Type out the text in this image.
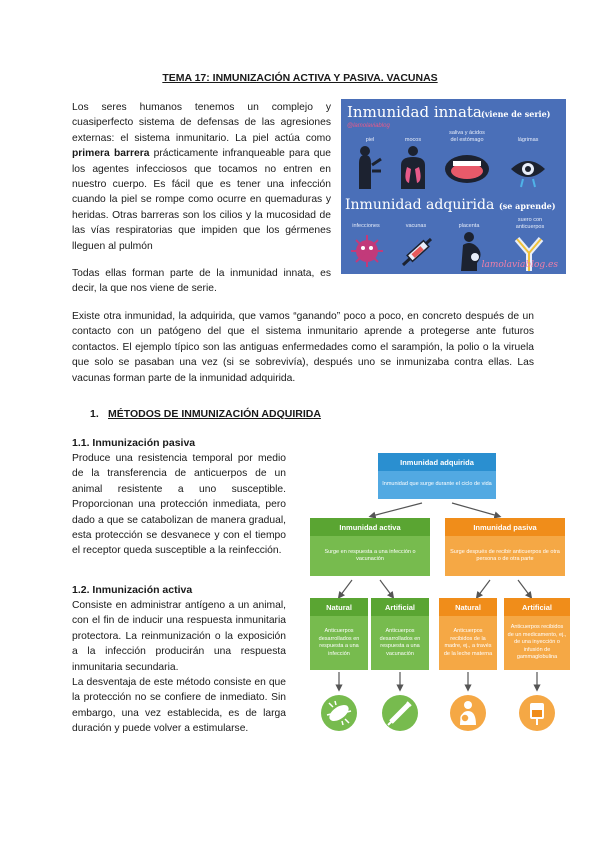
TEMA 17: INMUNIZACIÓN ACTIVA Y PASIVA. VACUNAS
Los seres humanos tenemos un complejo y cuasiperfecto sistema de defensas de las agresiones externas: el sistema inmunitario. La piel actúa como primera barrera prácticamente infranqueable para que los agentes infecciosos que tocamos no entren en nuestro cuerpo. Es fácil que es tener una infección cuando la piel se rompe como ocurre en quemaduras y heridas. Otras barreras son los cilios y la mucosidad de las vías respiratorias que impiden que los gérmenes lleguen al pulmón
Todas ellas forman parte de la inmunidad innata, es decir, la que nos viene de serie.
Inmunidad innata (viene de serie)
@lamolaviablog
piel	mocos
saliva y ácidos del estómago	lágrimas
Inmunidad adquirida (se aprende)
infecciones	vacunas	placenta
suero con anticuerpos
lamolaviablog.es
Existe otra inmunidad, la adquirida, que vamos “ganando” poco a poco, en concreto después de un contacto con un patógeno del que el sistema inmunitario aprende a protegerse ante futuros contactos. El ejemplo típico son las antiguas enfermedades como el sarampión, la polio o la viruela que solo se pasaban una vez (si se sobrevivía), después uno se inmunizaba contra ellas. Las vacunas forman parte de la inmunidad adquirida.
1. MÉTODOS DE INMUNIZACIÓN ADQUIRIDA
1.1. Inmunización pasiva
Produce una resistencia temporal por medio de la transferencia de anticuerpos de un animal resistente a uno susceptible. Proporcionan una protección inmediata, pero dado a que se catabolizan de manera gradual, esta protección se desvanece y con el tiempo el receptor queda susceptible a la reinfección.
1.2. Inmunización activa
Consiste en administrar antígeno a un animal, con el fin de inducir una respuesta inmunitaria protectora. La reinmunización o la exposición a la infección producirán una respuesta inmunitaria secundaria.
La desventaja de este método consiste en que la protección no se confiere de inmediato. Sin embargo, una vez establecida, es de larga duración y puede volver a estimularse.
Inmunidad adquirida
Inmunidad que surge durante el ciclo de vida
Inmunidad activa
Surge en respuesta a una infección o vacunación
Inmunidad pasiva
Surge después de recibir anticuerpos de otra persona o de otra parte
Natural
Anticuerpos desarrollados en respuesta a una infección
Artificial
Anticuerpos desarrollados en respuesta a una vacunación
Natural
Anticuerpos recibidos de la madre, ej., a través de la leche materna
Artificial
Anticuerpos recibidos de un medicamento, ej., de una inyección o infusión de gammaglobulina
